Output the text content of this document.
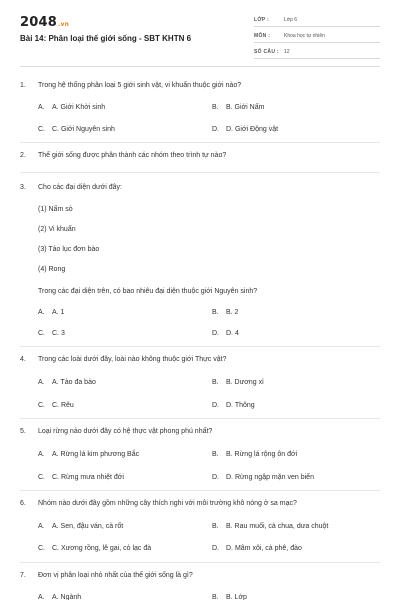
2048.vn
Bài 14: Phân loại thế giới sống - SBT KHTN 6
LỚP :	Lớp 6
MÔN :	Khoa học tự nhiên
SỐ CÂU : 12
1. Trong hệ thống phân loại 5 giới sinh vật, vi khuẩn thuộc giới nào?
A. A. Giới Khởi sinh	B. B. Giới Nấm
C. C. Giới Nguyên sinh	D. D. Giới Động vật
2. Thế giới sống được phân thành các nhóm theo trình tự nào?
3. Cho các đại diện dưới đây:
(1) Nấm sò
(2) Vi khuẩn
(3) Tảo lục đơn bào
(4) Rong
Trong các đại diện trên, có bao nhiêu đại diện thuộc giới Nguyên sinh?
A. A. 1	B. B. 2
C. C. 3	D. D. 4
4. Trong các loài dưới đây, loài nào không thuộc giới Thực vật?
A. A. Tảo đa bào	B. B. Dương xỉ
C. C. Rêu	D. D. Thông
5. Loại rừng nào dưới đây có hệ thực vật phong phú nhất?
A. A. Rừng lá kim phương Bắc	B. B. Rừng lá rộng ôn đới
C. C. Rừng mưa nhiệt đới	D. D. Rừng ngập mặn ven biển
6. Nhóm nào dưới đây gồm những cây thích nghi với môi trường khô nóng ở sa mạc?
A. A. Sen, đậu ván, cà rốt	B. B. Rau muối, cà chua, dưa chuột
C. C. Xương rồng, lê gai, cỏ lạc đà	D. D. Mâm xôi, cà phê, đào
7. Đơn vị phân loại nhỏ nhất của thế giới sống là gì?
A. A. Ngành	B. B. Lớp
